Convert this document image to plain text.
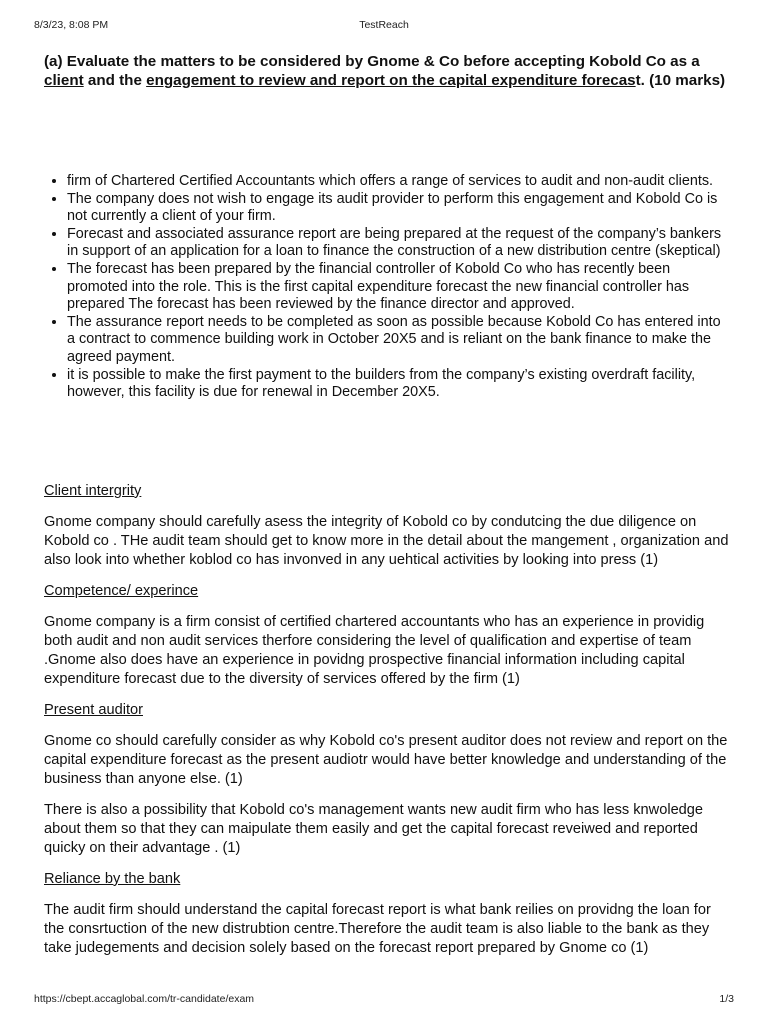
8/3/23, 8:08 PM	TestReach

(a) Evaluate the matters to be considered by Gnome & Co before accepting Kobold Co as a client and the engagement to review and report on the capital expenditure forecast. (10 marks)

• firm of Chartered Certified Accountants which offers a range of services to audit and non-audit clients.
• The company does not wish to engage its audit provider to perform this engagement and Kobold Co is not currently a client of your firm.
• Forecast and associated assurance report are being prepared at the request of the company’s bankers in support of an application for a loan to finance the construction of a new distribution centre (skeptical)
• The forecast has been prepared by the financial controller of Kobold Co who has recently been promoted into the role. This is the first capital expenditure forecast the new financial controller has prepared The forecast has been reviewed by the finance director and approved.
• The assurance report needs to be completed as soon as possible because Kobold Co has entered into a contract to commence building work in October 20X5 and is reliant on the bank finance to make the agreed payment.
• it is possible to make the first payment to the builders from the company’s existing overdraft facility, however, this facility is due for renewal in December 20X5.

Client intergrity

Gnome company should carefully asess the integrity of Kobold co by condutcing the due diligence on Kobold co . THe audit team should get to know more in the detail about the mangement , organization and also look into whether koblod co has invonved in any uehtical activities by looking into press (1)

Competence/ experince

Gnome company is a firm consist of certified chartered accountants who has an experience in providig both audit and non audit services therfore considering the level of qualification and expertise of team .Gnome also does have an experience in povidng prospective financial information including capital expenditure forecast due to the diversity of services offered by the firm (1)

Present auditor

Gnome co should carefully consider as why Kobold co's present auditor does not review and report on the capital expenditure forecast as the present audiotr would have better knowledge and understanding of the business than anyone else. (1)

There is also a possibility that Kobold co's management wants new audit firm who has less knwoledge about them so that they can maipulate them easily and get the capital forecast reveiwed and reported quicky on their advantage . (1)

Reliance by the bank

The audit firm should understand the capital forecast report is what bank reilies on providng the loan for the consrtuction of the new distrubtion centre.Therefore the audit team is also liable to the bank as they take judegements and decision solely based on the forecast report prepared by Gnome co (1)

https://cbept.accaglobal.com/tr-candidate/exam	1/3
